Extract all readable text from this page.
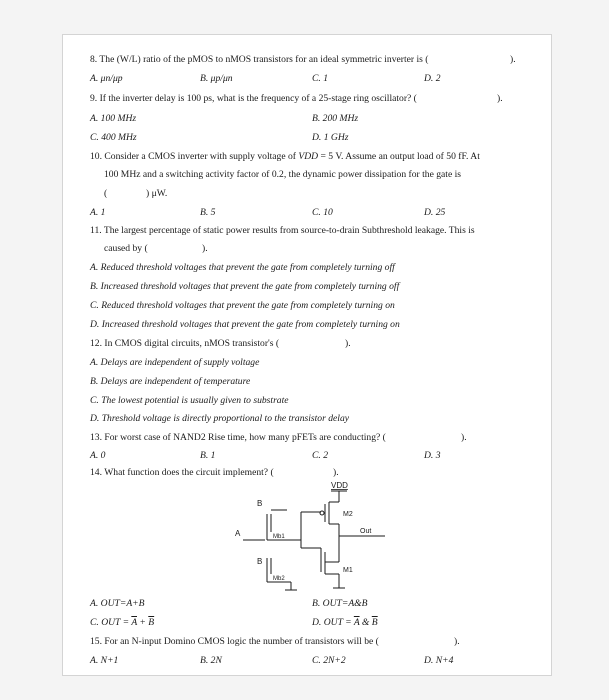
8. The (W/L) ratio of the pMOS to nMOS transistors for an ideal symmetric inverter is (	).
A. μn/μp	B. μp/μn	C. 1	D. 2
9. If the inverter delay is 100 ps, what is the frequency of a 25-stage ring oscillator? (	).
A. 100 MHz	B. 200 MHz
C. 400 MHz	D. 1 GHz
10. Consider a CMOS inverter with supply voltage of VDD = 5 V. Assume an output load of 50 fF. At
100 MHz and a switching activity factor of 0.2, the dynamic power dissipation for the gate is
(	) μW.
A. 1	B. 5	C. 10	D. 25
11. The largest percentage of static power results from source-to-drain Subthreshold leakage. This is
caused by (	).
A. Reduced threshold voltages that prevent the gate from completely turning off
B. Increased threshold voltages that prevent the gate from completely turning off
C. Reduced threshold voltages that prevent the gate from completely turning on
D. Increased threshold voltages that prevent the gate from completely turning on
12. In CMOS digital circuits, nMOS transistor's (	).
A. Delays are independent of supply voltage
B. Delays are independent of temperature
C. The lowest potential is usually given to substrate
D. Threshold voltage is directly proportional to the transistor delay
13. For worst case of NAND2 Rise time, how many pFETs are conducting? (	).
A. 0	B. 1	C. 2	D. 3
14. What function does the circuit implement? (	).
VDD
M2
Out
A
B
Mb1
B
Mb2
M1
A. OUT=A+B	B. OUT=A&B
C. OUT = $\overline{A} + \overline{B}$	D. OUT = $\overline{A}$ & $\overline{B}$
15. For an N-input Domino CMOS logic the number of transistors will be (	).
A. N+1	B. 2N	C. 2N+2	D. N+4
